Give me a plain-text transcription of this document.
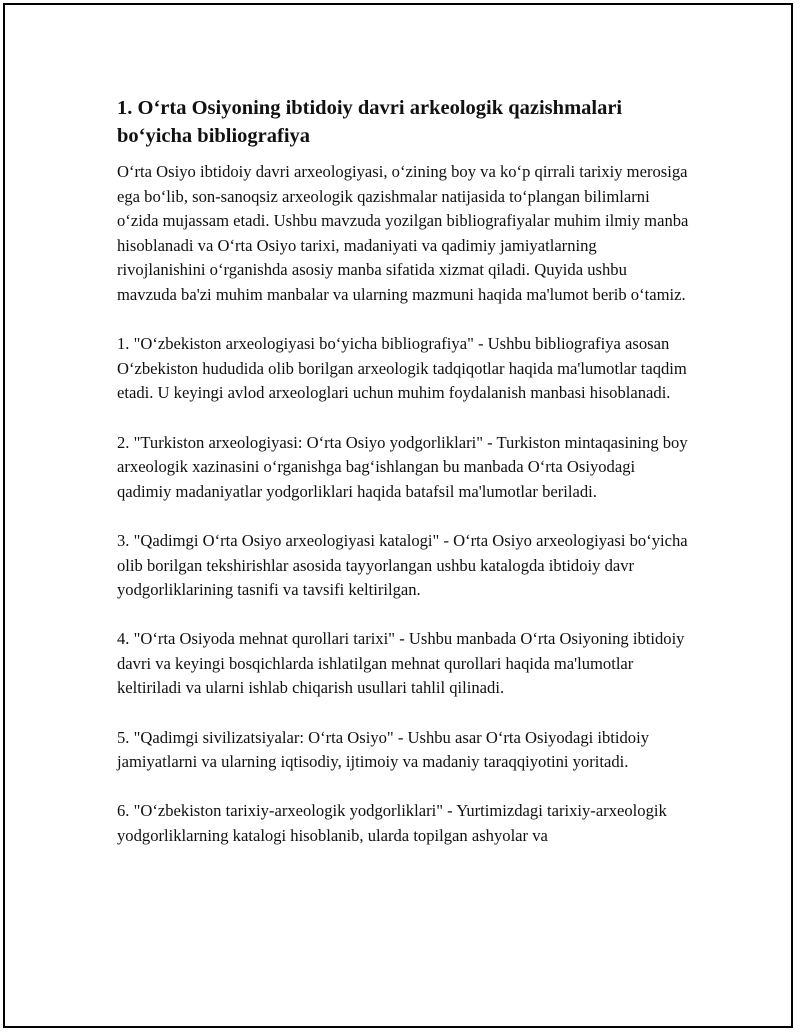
1. O‘rta Osiyoning ibtidoiy davri arkeologik qazishmalari bo‘yicha bibliografiya

O‘rta Osiyo ibtidoiy davri arxeologiyasi, o‘zining boy va ko‘p qirrali tarixiy merosiga ega bo‘lib, son-sanoqsiz arxeologik qazishmalar natijasida to‘plangan bilimlarni o‘zida mujassam etadi. Ushbu mavzuda yozilgan bibliografiyalar muhim ilmiy manba hisoblanadi va O‘rta Osiyo tarixi, madaniyati va qadimiy jamiyatlarning rivojlanishini o‘rganishda asosiy manba sifatida xizmat qiladi. Quyida ushbu mavzuda ba'zi muhim manbalar va ularning mazmuni haqida ma'lumot berib o‘tamiz.

1. "O‘zbekiston arxeologiyasi bo‘yicha bibliografiya" - Ushbu bibliografiya asosan O‘zbekiston hududida olib borilgan arxeologik tadqiqotlar haqida ma'lumotlar taqdim etadi. U keyingi avlod arxeologlari uchun muhim foydalanish manbasi hisoblanadi.

2. "Turkiston arxeologiyasi: O‘rta Osiyo yodgorliklari" - Turkiston mintaqasining boy arxeologik xazinasini o‘rganishga bag‘ishlangan bu manbada O‘rta Osiyodagi qadimiy madaniyatlar yodgorliklari haqida batafsil ma'lumotlar beriladi.

3. "Qadimgi O‘rta Osiyo arxeologiyasi katalogi" - O‘rta Osiyo arxeologiyasi bo‘yicha olib borilgan tekshirishlar asosida tayyorlangan ushbu katalogda ibtidoiy davr yodgorliklarining tasnifi va tavsifi keltirilgan.

4. "O‘rta Osiyoda mehnat qurollari tarixi" - Ushbu manbada O‘rta Osiyoning ibtidoiy davri va keyingi bosqichlarda ishlatilgan mehnat qurollari haqida ma'lumotlar keltiriladi va ularni ishlab chiqarish usullari tahlil qilinadi.

5. "Qadimgi sivilizatsiyalar: O‘rta Osiyo" - Ushbu asar O‘rta Osiyodagi ibtidoiy jamiyatlarni va ularning iqtisodiy, ijtimoiy va madaniy taraqqiyotini yoritadi.

6. "O‘zbekiston tarixiy-arxeologik yodgorliklari" - Yurtimizdagi tarixiy-arxeologik yodgorliklarning katalogi hisoblanib, ularda topilgan ashyolar va
